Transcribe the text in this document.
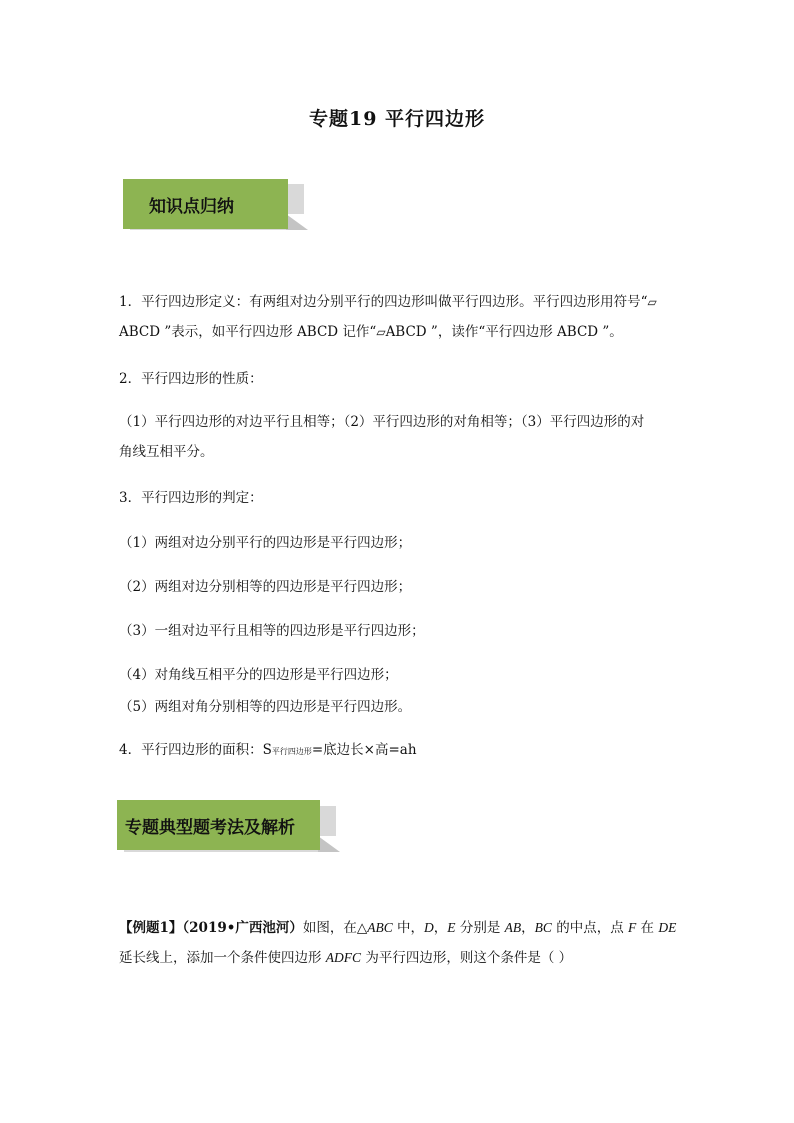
专题19 平行四边形
知识点归纳
1．平行四边形定义：有两组对边分别平行的四边形叫做平行四边形。平行四边形用符号“▱
ABCD ”表示，如平行四边形 ABCD 记作“▱ABCD ”，读作“平行四边形 ABCD ”。
2．平行四边形的性质：
（1）平行四边形的对边平行且相等；（2）平行四边形的对角相等；（3）平行四边形的对
角线互相平分。
3．平行四边形的判定：
（1）两组对边分别平行的四边形是平行四边形；
（2）两组对边分别相等的四边形是平行四边形；
（3）一组对边平行且相等的四边形是平行四边形；
（4）对角线互相平分的四边形是平行四边形；
（5）两组对角分别相等的四边形是平行四边形。
4．平行四边形的面积：S平行四边形=底边长×高=ah
专题典型题考法及解析
【例题1】（2019•广西池河）如图，在△ABC 中，D，E 分别是 AB，BC 的中点，点 F 在 DE
延长线上，添加一个条件使四边形 ADFC 为平行四边形，则这个条件是（ ）
